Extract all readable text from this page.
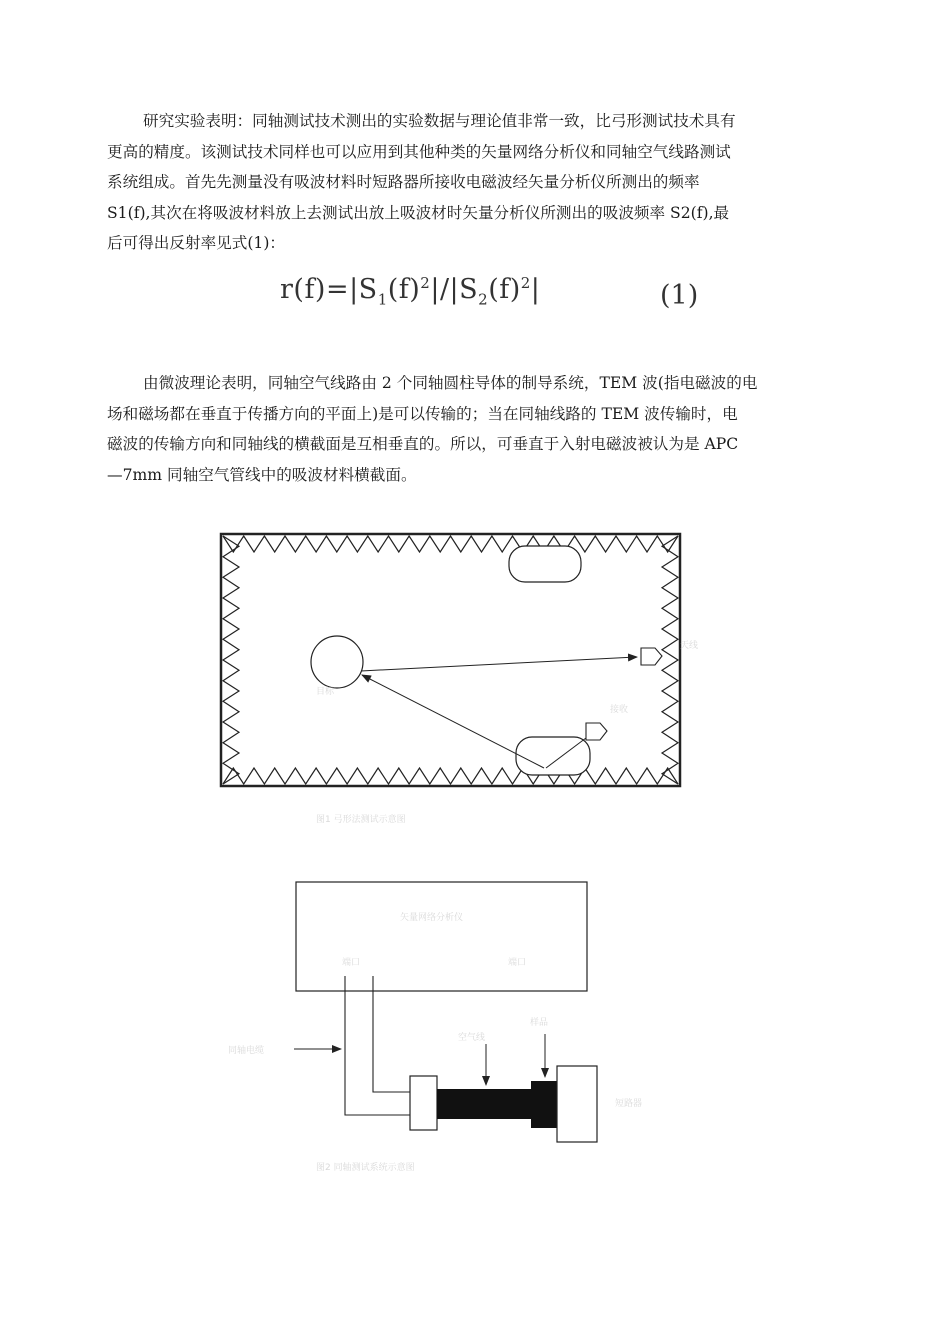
研究实验表明：同轴测试技术测出的实验数据与理论值非常一致，比弓形测试技术具有
更高的精度。该测试技术同样也可以应用到其他种类的矢量网络分析仪和同轴空气线路测试
系统组成。首先先测量没有吸波材料时短路器所接收电磁波经矢量分析仪所测出的频率
S1(f),其次在将吸波材料放上去测试出放上吸波材时矢量分析仪所测出的吸波频率 S2(f),最
后可得出反射率见式(1)：
$r(f)=|S_1(f)^2|/|S_2(f)^2|$	(1)
由微波理论表明，同轴空气线路由 2 个同轴圆柱导体的制导系统，TEM 波(指电磁波的电
场和磁场都在垂直于传播方向的平面上)是可以传输的；当在同轴线路的 TEM 波传输时，电
磁波的传输方向和同轴线的横截面是互相垂直的。所以，可垂直于入射电磁波被认为是 APC
—7mm 同轴空气管线中的吸波材料横截面。
目标
天线
接收
图1 弓形法测试示意图
矢量网络分析仪
端口	端口
同轴电缆
空气线
样品
短路器
图2 同轴测试系统示意图
